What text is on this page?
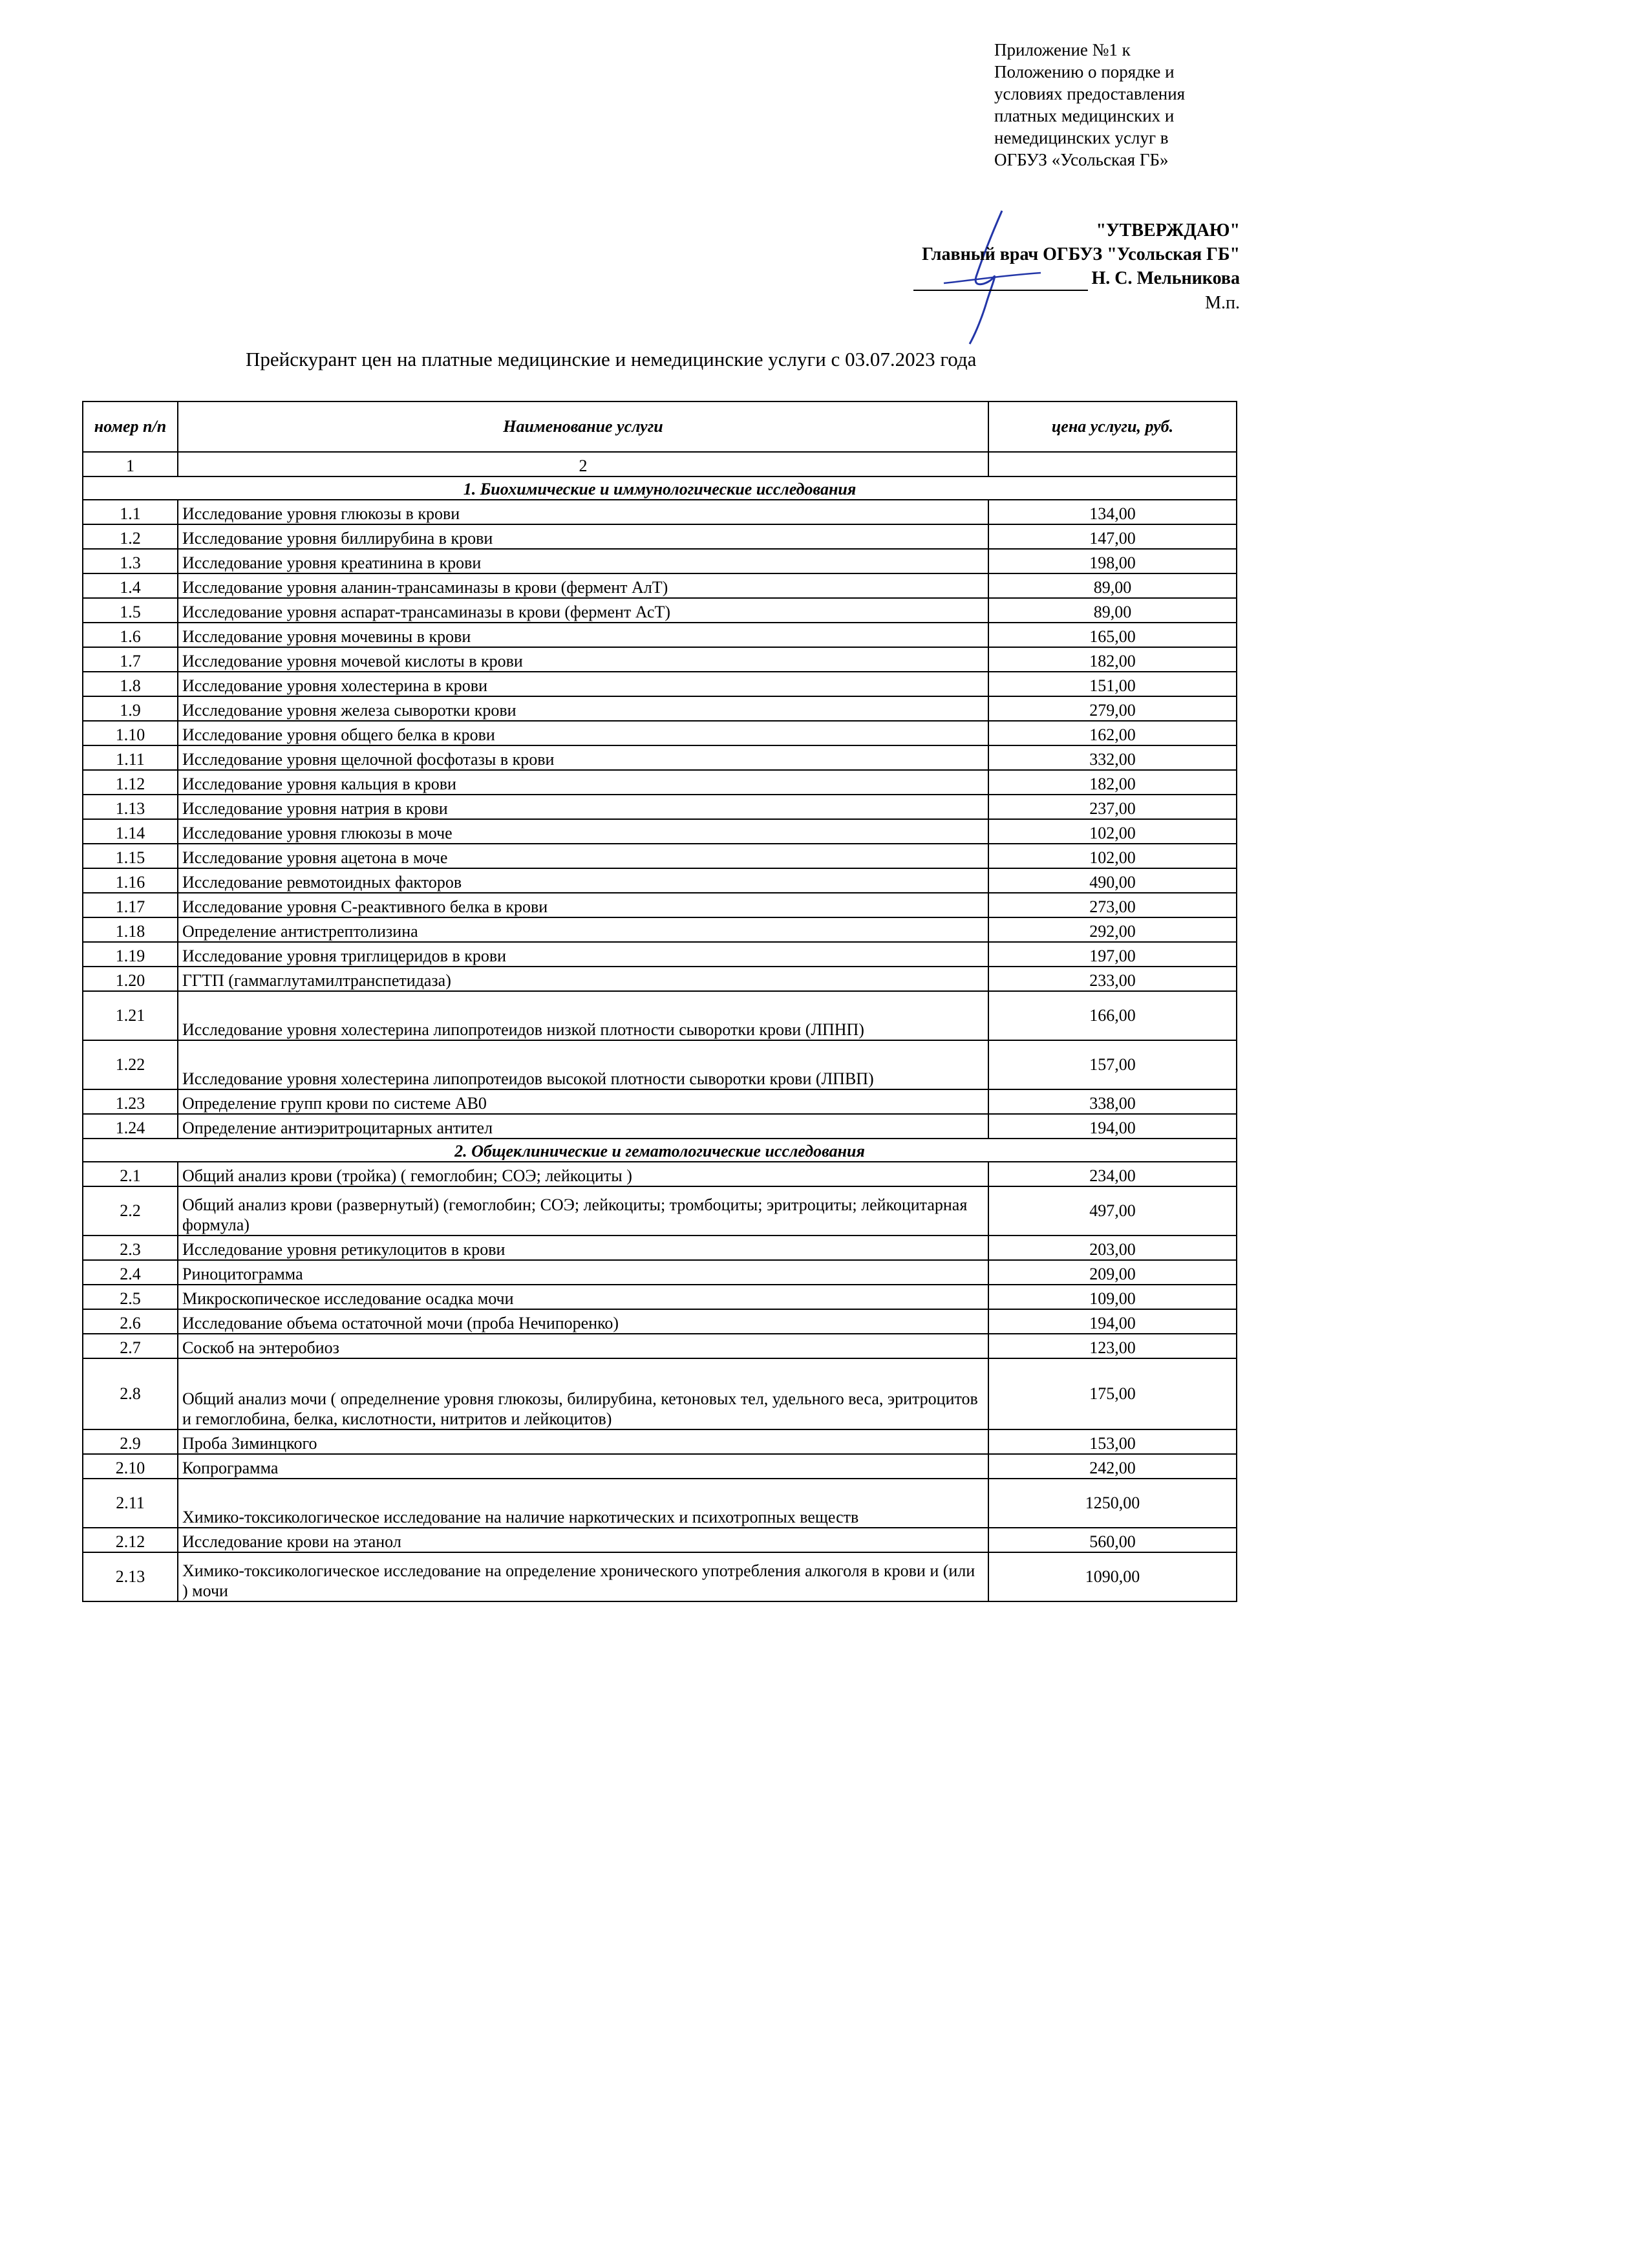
Приложение №1 к
Положению о порядке и
условиях предоставления
платных медицинских и
немедицинских услуг в
ОГБУЗ «Усольская ГБ»
"УТВЕРЖДАЮ"
Главный врач ОГБУЗ "Усольская ГБ"
Н. С. Мельникова
М.п.
Прейскурант цен на платные медицинские и немедицинские услуги с 03.07.2023 года
номер п/п	Наименование услуги	цена услуги, руб.
1	2	
1. Биохимические и иммунологические исследования		
1.1	Исследование уровня глюкозы в крови	134,00
1.2	Исследование уровня биллирубина в крови	147,00
1.3	Исследование уровня креатинина в крови	198,00
1.4	Исследование уровня аланин-трансаминазы в крови (фермент АлТ)	89,00
1.5	Исследование уровня аспарат-трансаминазы в крови (фермент АсТ)	89,00
1.6	Исследование уровня мочевины в крови	165,00
1.7	Исследование уровня мочевой кислоты в крови	182,00
1.8	Исследование уровня холестерина в крови	151,00
1.9	Исследование уровня железа сыворотки крови	279,00
1.10	Исследование уровня общего белка в крови	162,00
1.11	Исследование уровня щелочной фосфотазы в крови	332,00
1.12	Исследование уровня кальция в крови	182,00
1.13	Исследование уровня натрия в крови	237,00
1.14	Исследование уровня глюкозы в моче	102,00
1.15	Исследование уровня ацетона в моче	102,00
1.16	Исследование ревмотоидных факторов	490,00
1.17	Исследование уровня С-реактивного белка в крови	273,00
1.18	Определение антистрептолизина	292,00
1.19	Исследование уровня триглицеридов в крови	197,00
1.20	ГГТП (гаммаглутамилтранспетидаза)	233,00
1.21	Исследование уровня холестерина липопротеидов низкой плотности сыворотки крови (ЛПНП)	166,00
1.22	Исследование уровня холестерина липопротеидов высокой плотности сыворотки крови (ЛПВП)	157,00
1.23	Определение групп крови по системе АВ0	338,00
1.24	Определение антиэритроцитарных антител	194,00
2. Общеклинические и гематологические исследования		
2.1	Общий анализ крови (тройка) ( гемоглобин; СОЭ; лейкоциты )	234,00
2.2	Общий анализ крови (развернутый) (гемоглобин; СОЭ; лейкоциты; тромбоциты; эритроциты; лейкоцитарная формула)	497,00
2.3	Исследование уровня ретикулоцитов в крови	203,00
2.4	Риноцитограмма	209,00
2.5	Микроскопическое исследование осадка мочи	109,00
2.6	Исследование объема остаточной мочи (проба Нечипоренко)	194,00
2.7	Соскоб на энтеробиоз	123,00
2.8	Общий анализ мочи ( определнение уровня глюкозы, билирубина, кетоновых тел, удельного веса, эритроцитов и гемоглобина, белка, кислотности, нитритов и лейкоцитов)	175,00
2.9	Проба Зиминцкого	153,00
2.10	Копрограмма	242,00
2.11	Химико-токсикологическое исследование на наличие наркотических и психотропных веществ	1250,00
2.12	Исследование крови на этанол	560,00
2.13	Химико-токсикологическое исследование на определение хронического употребления алкоголя в крови и (или ) мочи	1090,00
